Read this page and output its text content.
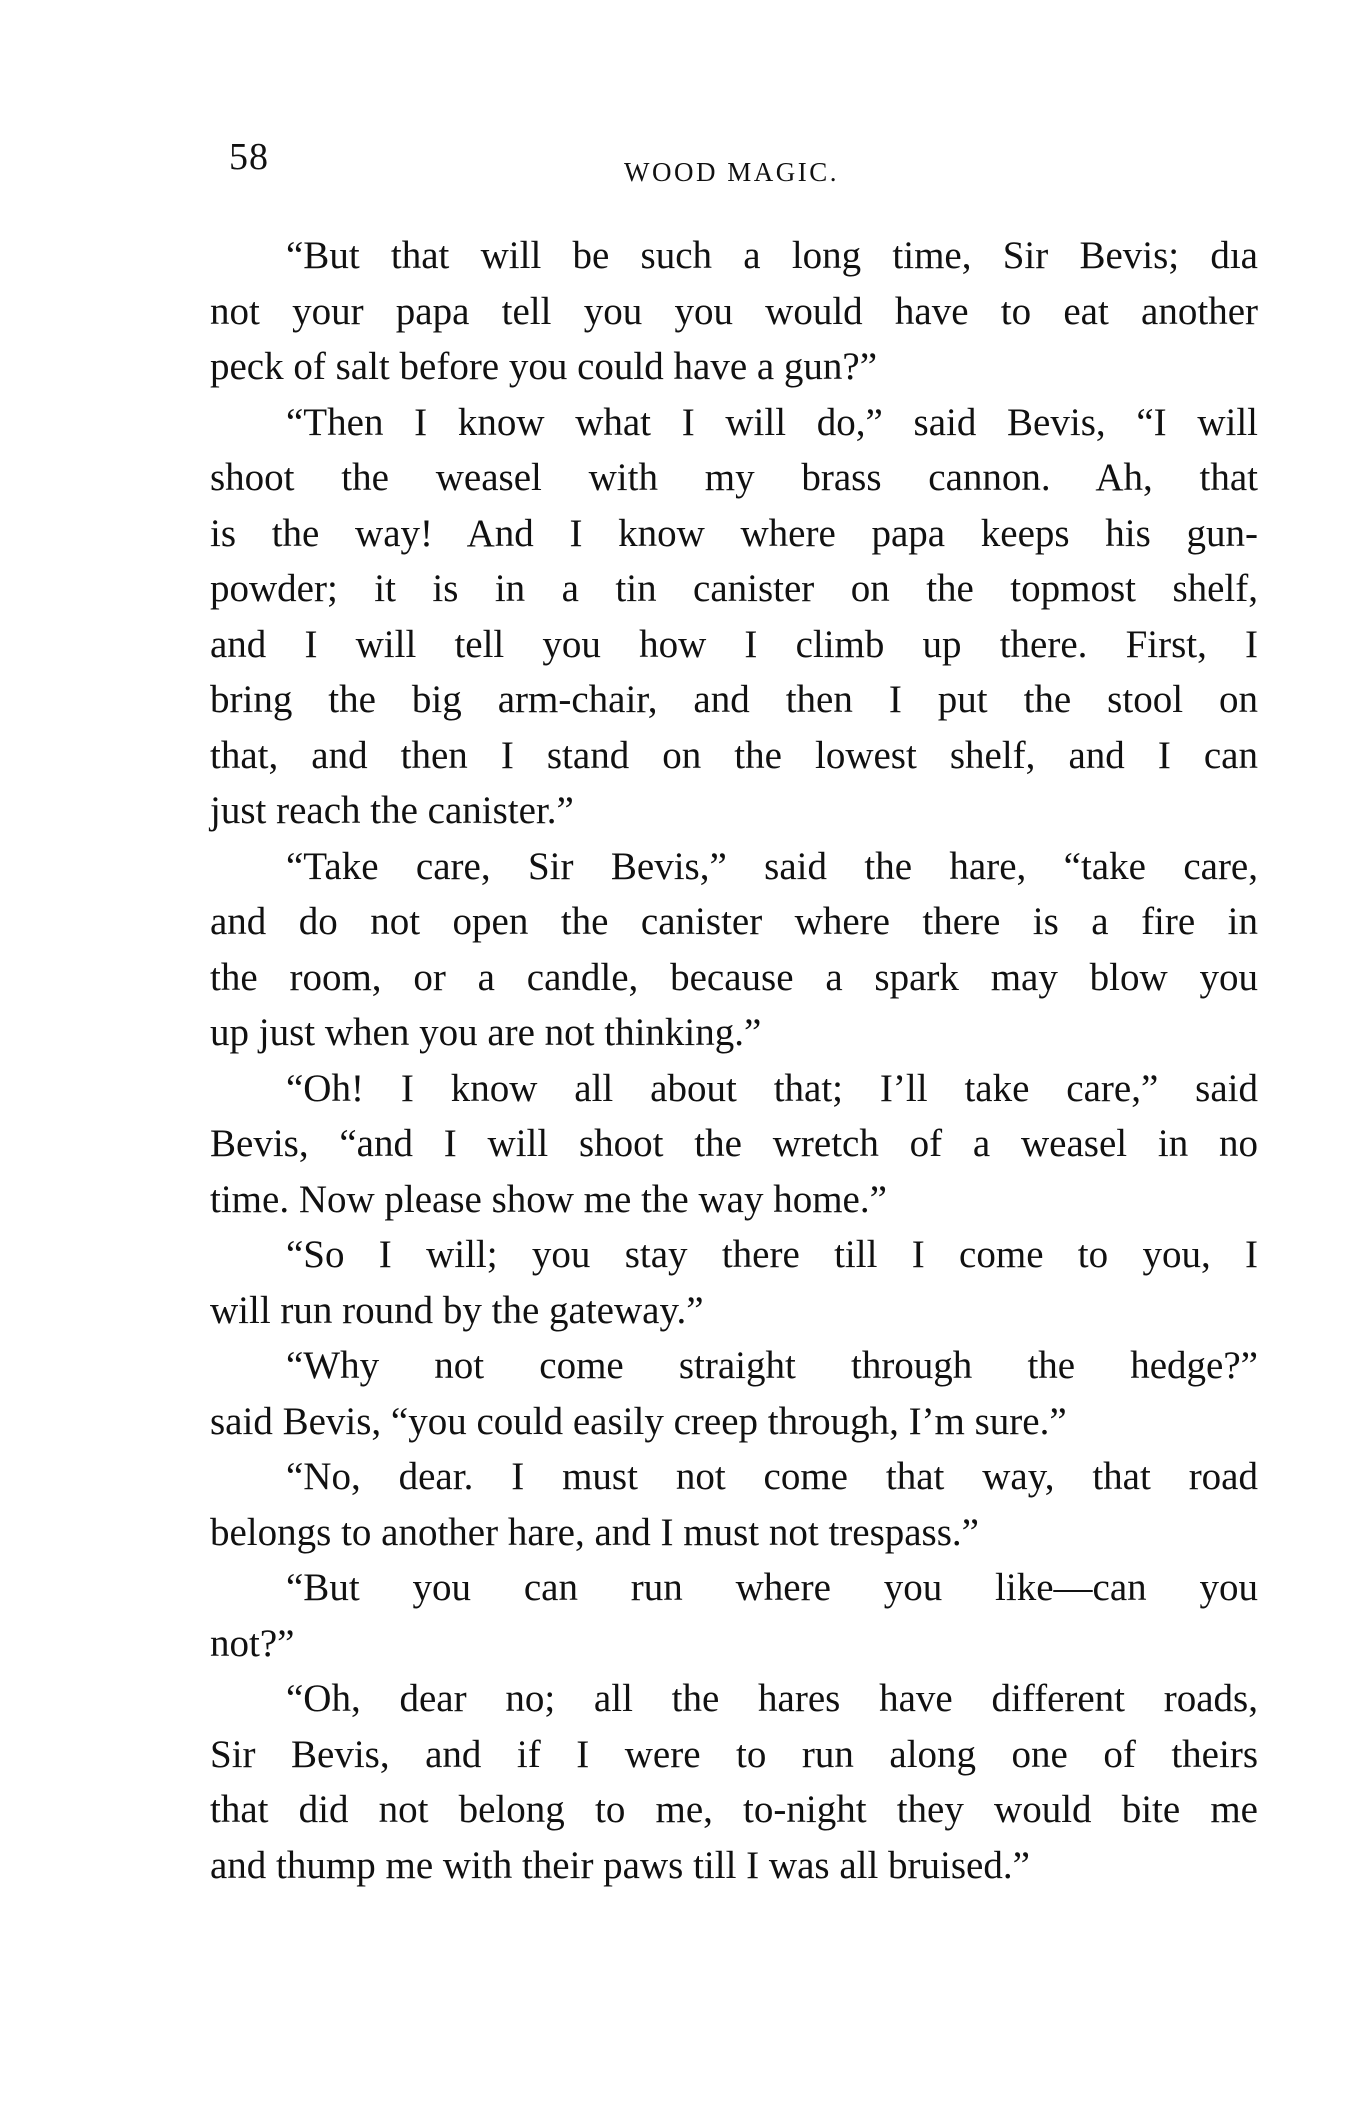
58	WOOD MAGIC.
“But that will be such a long time, Sir Bevis; dıa
not your papa tell you you would have to eat another
peck of salt before you could have a gun?”
“Then I know what I will do,” said Bevis, “I will
shoot the weasel with my brass cannon. Ah, that
is the way! And I know where papa keeps his gun-
powder; it is in a tin canister on the topmost shelf,
and I will tell you how I climb up there. First, I
bring the big arm-chair, and then I put the stool on
that, and then I stand on the lowest shelf, and I can
just reach the canister.”
“Take care, Sir Bevis,” said the hare, “take care,
and do not open the canister where there is a fire in
the room, or a candle, because a spark may blow you
up just when you are not thinking.”
“Oh! I know all about that; I’ll take care,” said
Bevis, “and I will shoot the wretch of a weasel in no
time. Now please show me the way home.”
“So I will; you stay there till I come to you, I
will run round by the gateway.”
“Why not come straight through the hedge?”
said Bevis, “you could easily creep through, I’m sure.”
“No, dear. I must not come that way, that road
belongs to another hare, and I must not trespass.”
“But you can run where you like—can you
not?”
“Oh, dear no; all the hares have different roads,
Sir Bevis, and if I were to run along one of theirs
that did not belong to me, to-night they would bite me
and thump me with their paws till I was all bruised.”
